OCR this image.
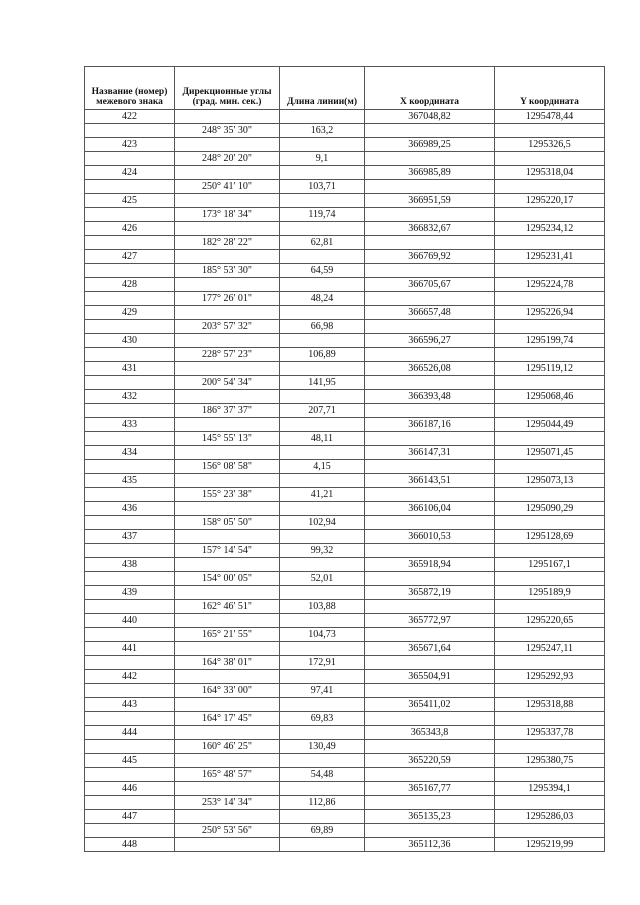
Название (номер) межевого знака	Дирекционные углы (град. мин. сек.)	Длина линии(м)	X координата	Y координата
422			367048,82	1295478,44
	248° 35' 30"	163,2		
423			366989,25	1295326,5
	248° 20' 20"	9,1		
424			366985,89	1295318,04
	250° 41' 10"	103,71		
425			366951,59	1295220,17
	173° 18' 34"	119,74		
426			366832,67	1295234,12
	182° 28' 22"	62,81		
427			366769,92	1295231,41
	185° 53' 30"	64,59		
428			366705,67	1295224,78
	177° 26' 01"	48,24		
429			366657,48	1295226,94
	203° 57' 32"	66,98		
430			366596,27	1295199,74
	228° 57' 23"	106,89		
431			366526,08	1295119,12
	200° 54' 34"	141,95		
432			366393,48	1295068,46
	186° 37' 37"	207,71		
433			366187,16	1295044,49
	145° 55' 13"	48,11		
434			366147,31	1295071,45
	156° 08' 58"	4,15		
435			366143,51	1295073,13
	155° 23' 38"	41,21		
436			366106,04	1295090,29
	158° 05' 50"	102,94		
437			366010,53	1295128,69
	157° 14' 54"	99,32		
438			365918,94	1295167,1
	154° 00' 05"	52,01		
439			365872,19	1295189,9
	162° 46' 51"	103,88		
440			365772,97	1295220,65
	165° 21' 55"	104,73		
441			365671,64	1295247,11
	164° 38' 01"	172,91		
442			365504,91	1295292,93
	164° 33' 00"	97,41		
443			365411,02	1295318,88
	164° 17' 45"	69,83		
444			365343,8	1295337,78
	160° 46' 25"	130,49		
445			365220,59	1295380,75
	165° 48' 57"	54,48		
446			365167,77	1295394,1
	253° 14' 34"	112,86		
447			365135,23	1295286,03
	250° 53' 56"	69,89		
448			365112,36	1295219,99
